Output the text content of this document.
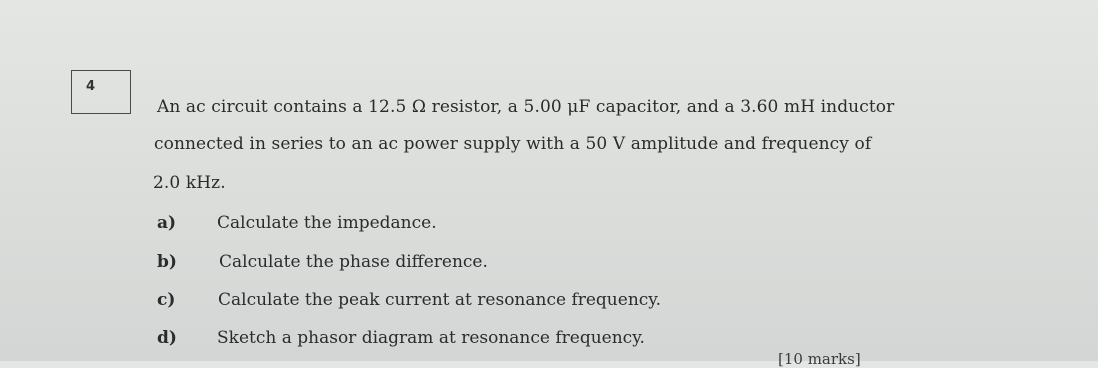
4
An ac circuit contains a 12.5 Ω resistor, a 5.00 μF capacitor, and a 3.60 mH inductor
connected in series to an ac power supply with a 50 V amplitude and frequency of
2.0 kHz.
a) Calculate the impedance.
b) Calculate the phase difference.
c)	Calculate the peak current at resonance frequency.
d) Sketch a phasor diagram at resonance frequency.
[10 marks]
